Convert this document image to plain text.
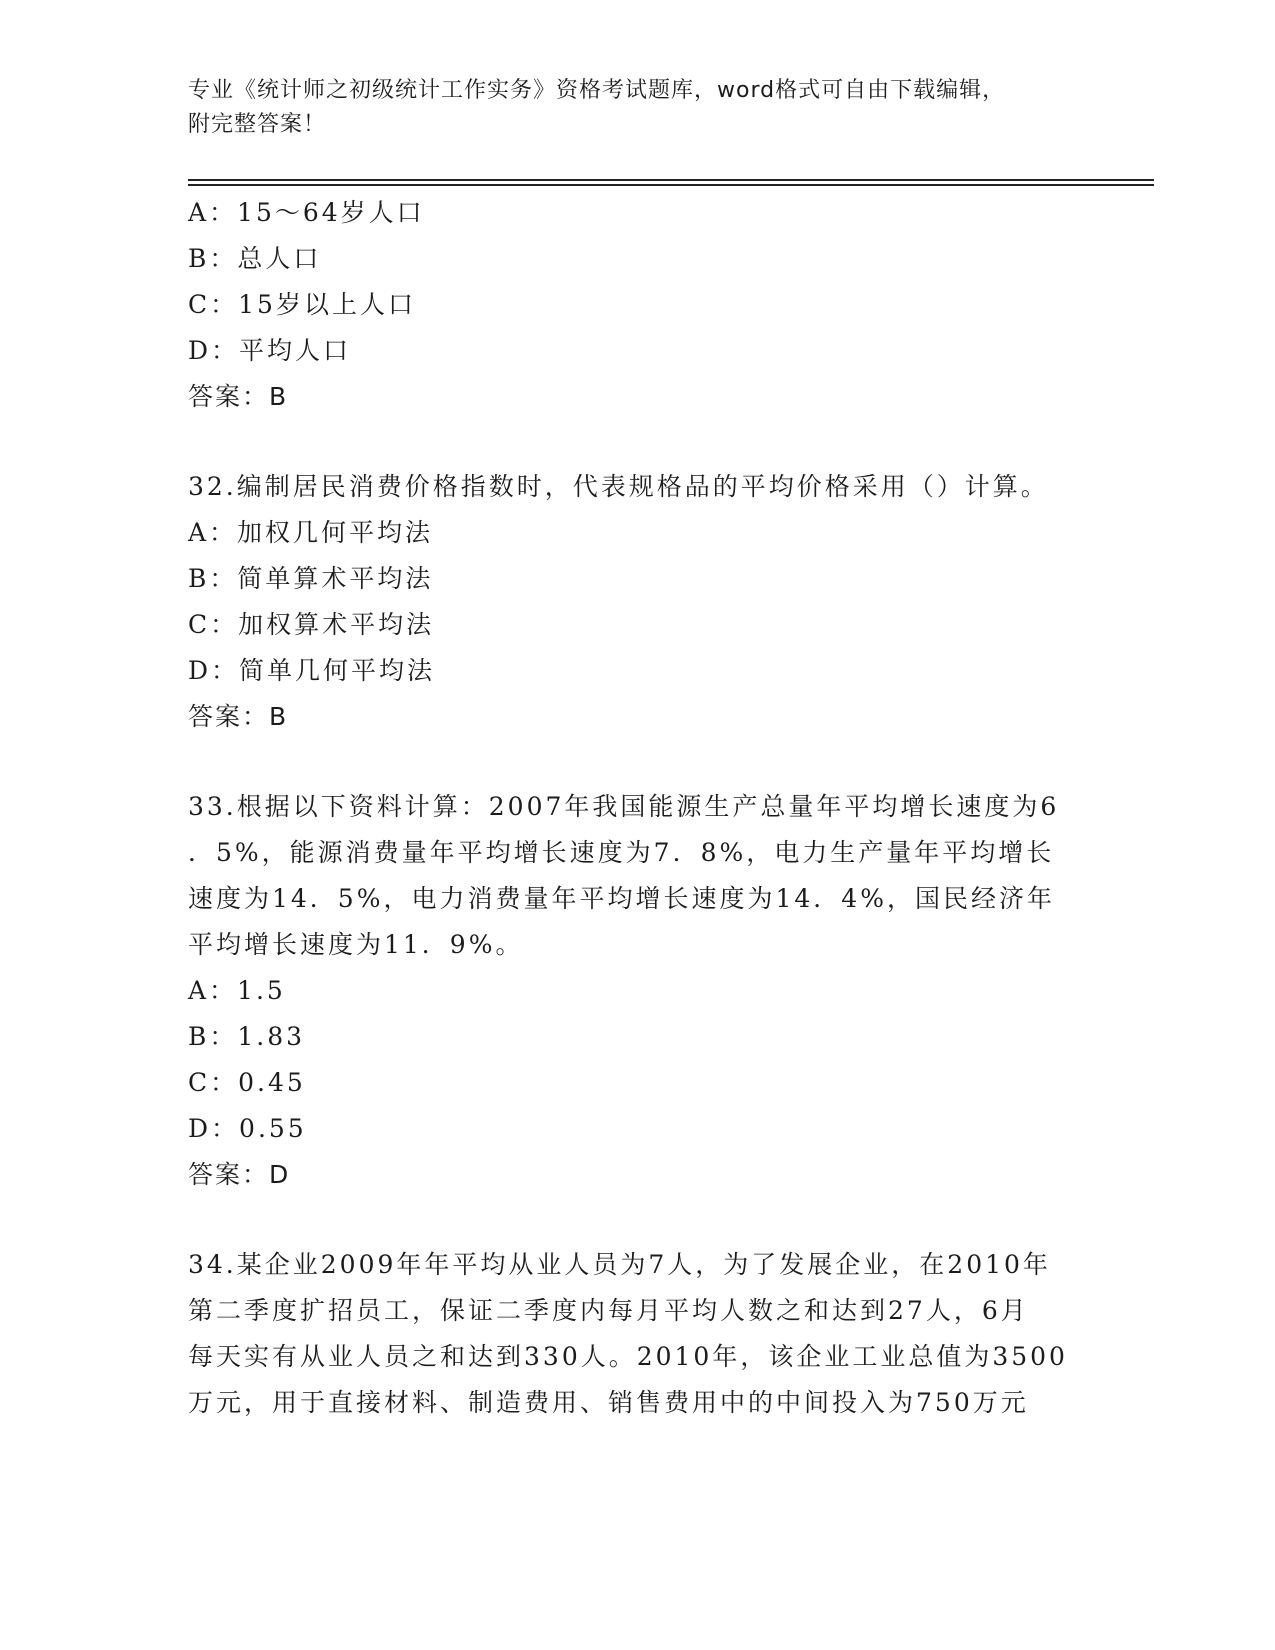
专业《统计师之初级统计工作实务》资格考试题库，word格式可自由下载编辑，
附完整答案！
A：15～64岁人口
B：总人口
C：15岁以上人口
D：平均人口
答案：B
32.编制居民消费价格指数时，代表规格品的平均价格采用（）计算。
A：加权几何平均法
B：简单算术平均法
C：加权算术平均法
D：简单几何平均法
答案：B
33.根据以下资料计算：2007年我国能源生产总量年平均增长速度为6
．5%，能源消费量年平均增长速度为7．8%，电力生产量年平均增长
速度为14．5%，电力消费量年平均增长速度为14．4%，国民经济年
平均增长速度为11．9%。
A：1.5
B：1.83
C：0.45
D：0.55
答案：D
34.某企业2009年年平均从业人员为7人，为了发展企业，在2010年
第二季度扩招员工，保证二季度内每月平均人数之和达到27人，6月
每天实有从业人员之和达到330人。2010年，该企业工业总值为3500
万元，用于直接材料、制造费用、销售费用中的中间投入为750万元
